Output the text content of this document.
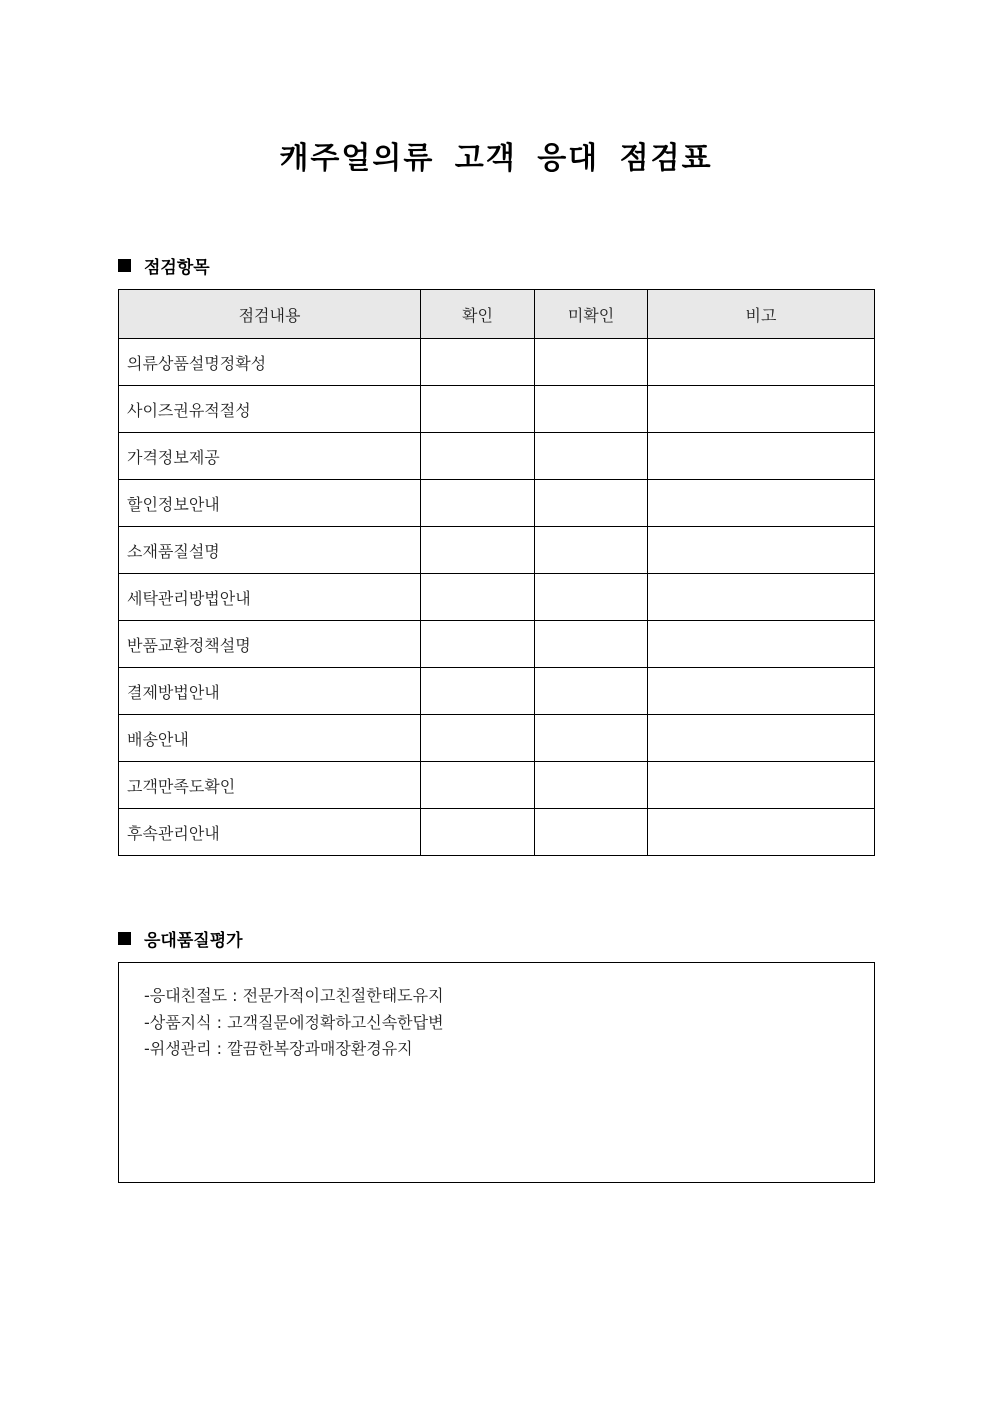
캐주얼의류 고객 응대 점검표
점검항목
점검내용	확인	미확인	비고
의류상품설명정확성			
사이즈권유적절성			
가격정보제공			
할인정보안내			
소재품질설명			
세탁관리방법안내			
반품교환정책설명			
결제방법안내			
배송안내			
고객만족도확인			
후속관리안내			
응대품질평가
-응대친절도 : 전문가적이고친절한태도유지
-상품지식 : 고객질문에정확하고신속한답변
-위생관리 : 깔끔한복장과매장환경유지
